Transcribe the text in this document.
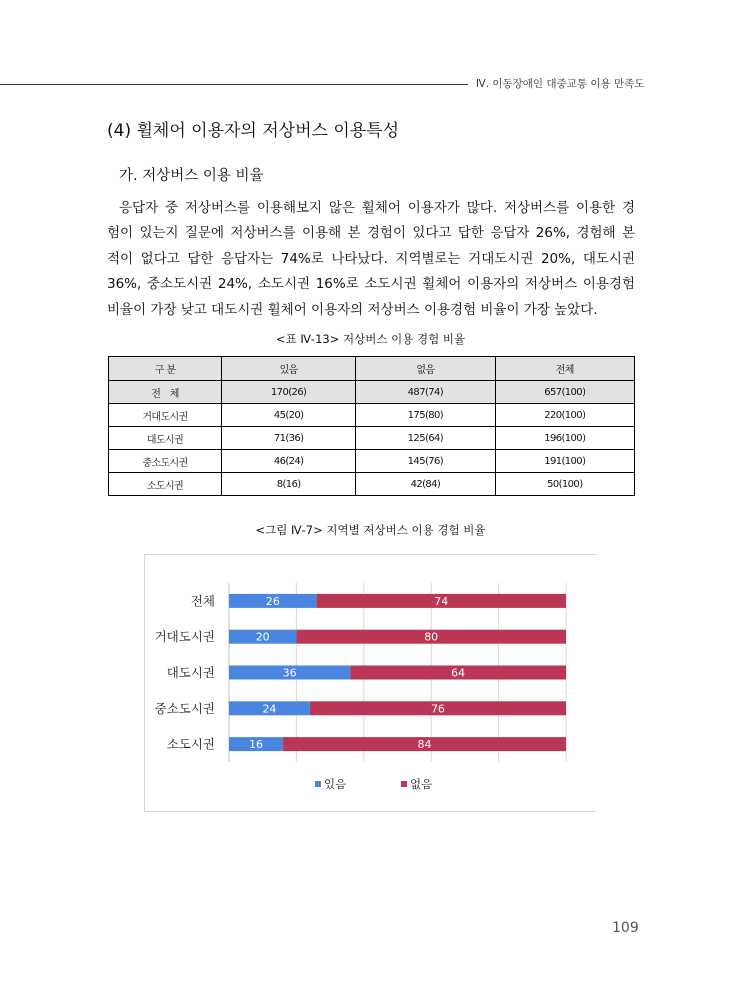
Ⅳ. 이동장애인 대중교통 이용 만족도
(4) 휠체어 이용자의 저상버스 이용특성
가. 저상버스 이용 비율
응답자 중 저상버스를 이용해보지 않은 휠체어 이용자가 많다. 저상버스를 이용한 경
험이 있는지 질문에 저상버스를 이용해 본 경험이 있다고 답한 응답자 26%, 경험해 본
적이 없다고 답한 응답자는 74%로 나타났다. 지역별로는 거대도시권 20%, 대도시권
36%, 중소도시권 24%, 소도시권 16%로 소도시권 휠체어 이용자의 저상버스 이용경험
비율이 가장 낮고 대도시권 휠체어 이용자의 저상버스 이용경험 비율이 가장 높았다.
<표 Ⅳ-13> 저상버스 이용 경험 비율
구 분	있음	없음	전체
전　체	170(26)	487(74)	657(100)
거대도시권	45(20)	175(80)	220(100)
대도시권	71(36)	125(64)	196(100)
중소도시권	46(24)	145(76)	191(100)
소도시권	8(16)	42(84)	50(100)
<그림 Ⅳ-7> 지역별 저상버스 이용 경험 비율
전체	26	74
거대도시권	20	80
대도시권	36	64
중소도시권	24	76
소도시권	16	84
있음	없음
109
